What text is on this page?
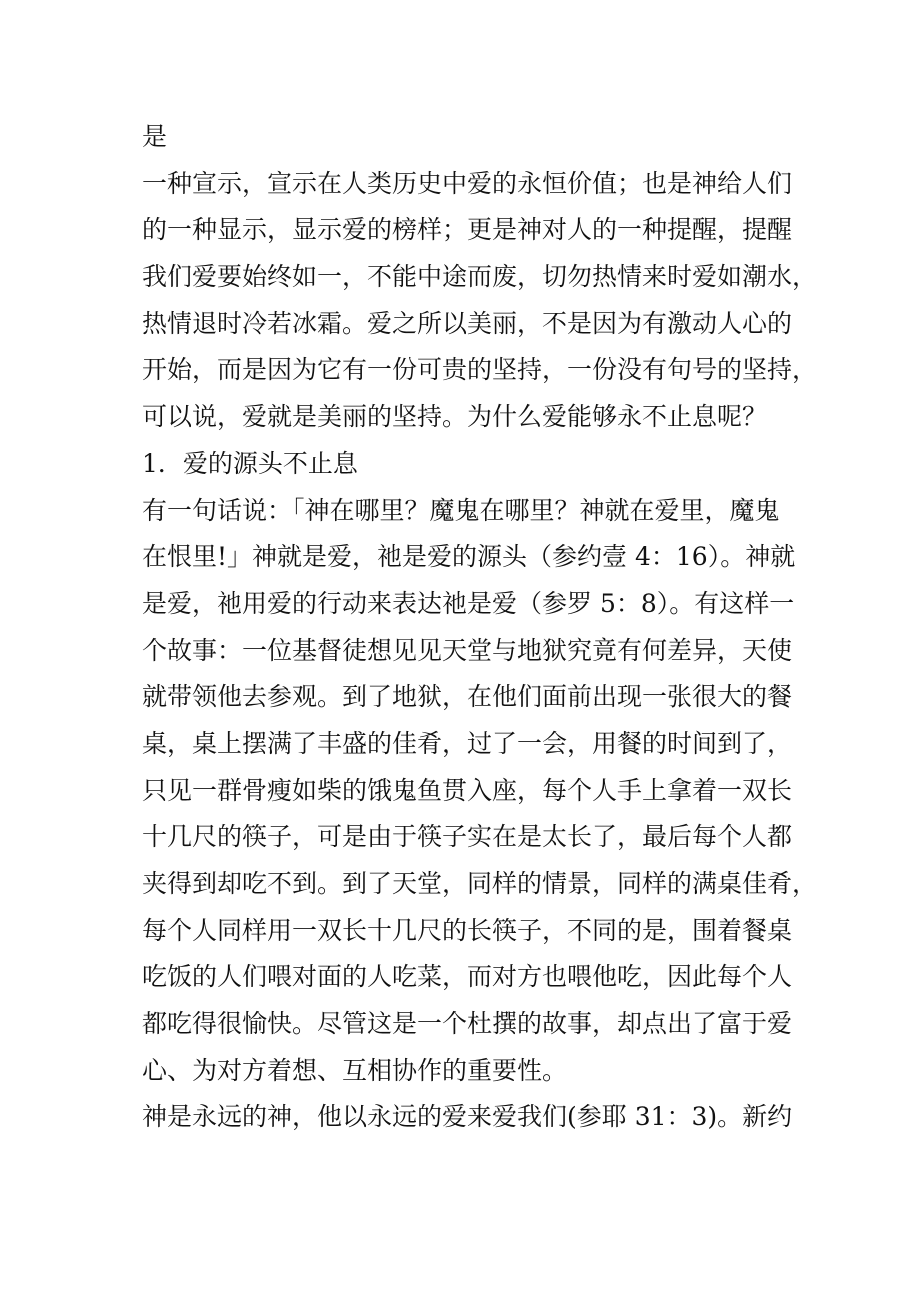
是
一种宣示，宣示在人类历史中爱的永恒价值；也是神给人们
的一种显示，显示爱的榜样；更是神对人的一种提醒，提醒
我们爱要始终如一，不能中途而废，切勿热情来时爱如潮水，
热情退时冷若冰霜。爱之所以美丽，不是因为有激动人心的
开始，而是因为它有一份可贵的坚持，一份没有句号的坚持，
可以说，爱就是美丽的坚持。为什么爱能够永不止息呢？
1．爱的源头不止息
有一句话说：「神在哪里？魔鬼在哪里？神就在爱里，魔鬼
在恨里!」神就是爱，祂是爱的源头（参约壹 4：16）。神就
是爱，祂用爱的行动来表达祂是爱（参罗 5：8）。有这样一
个故事：一位基督徒想见见天堂与地狱究竟有何差异，天使
就带领他去参观。到了地狱，在他们面前出现一张很大的餐
桌，桌上摆满了丰盛的佳肴，过了一会，用餐的时间到了，
只见一群骨瘦如柴的饿鬼鱼贯入座，每个人手上拿着一双长
十几尺的筷子，可是由于筷子实在是太长了，最后每个人都
夹得到却吃不到。到了天堂，同样的情景，同样的满桌佳肴，
每个人同样用一双长十几尺的长筷子，不同的是，围着餐桌
吃饭的人们喂对面的人吃菜，而对方也喂他吃，因此每个人
都吃得很愉快。尽管这是一个杜撰的故事，却点出了富于爱
心、为对方着想、互相协作的重要性。
神是永远的神，他以永远的爱来爱我们(参耶 31：3)。新约
